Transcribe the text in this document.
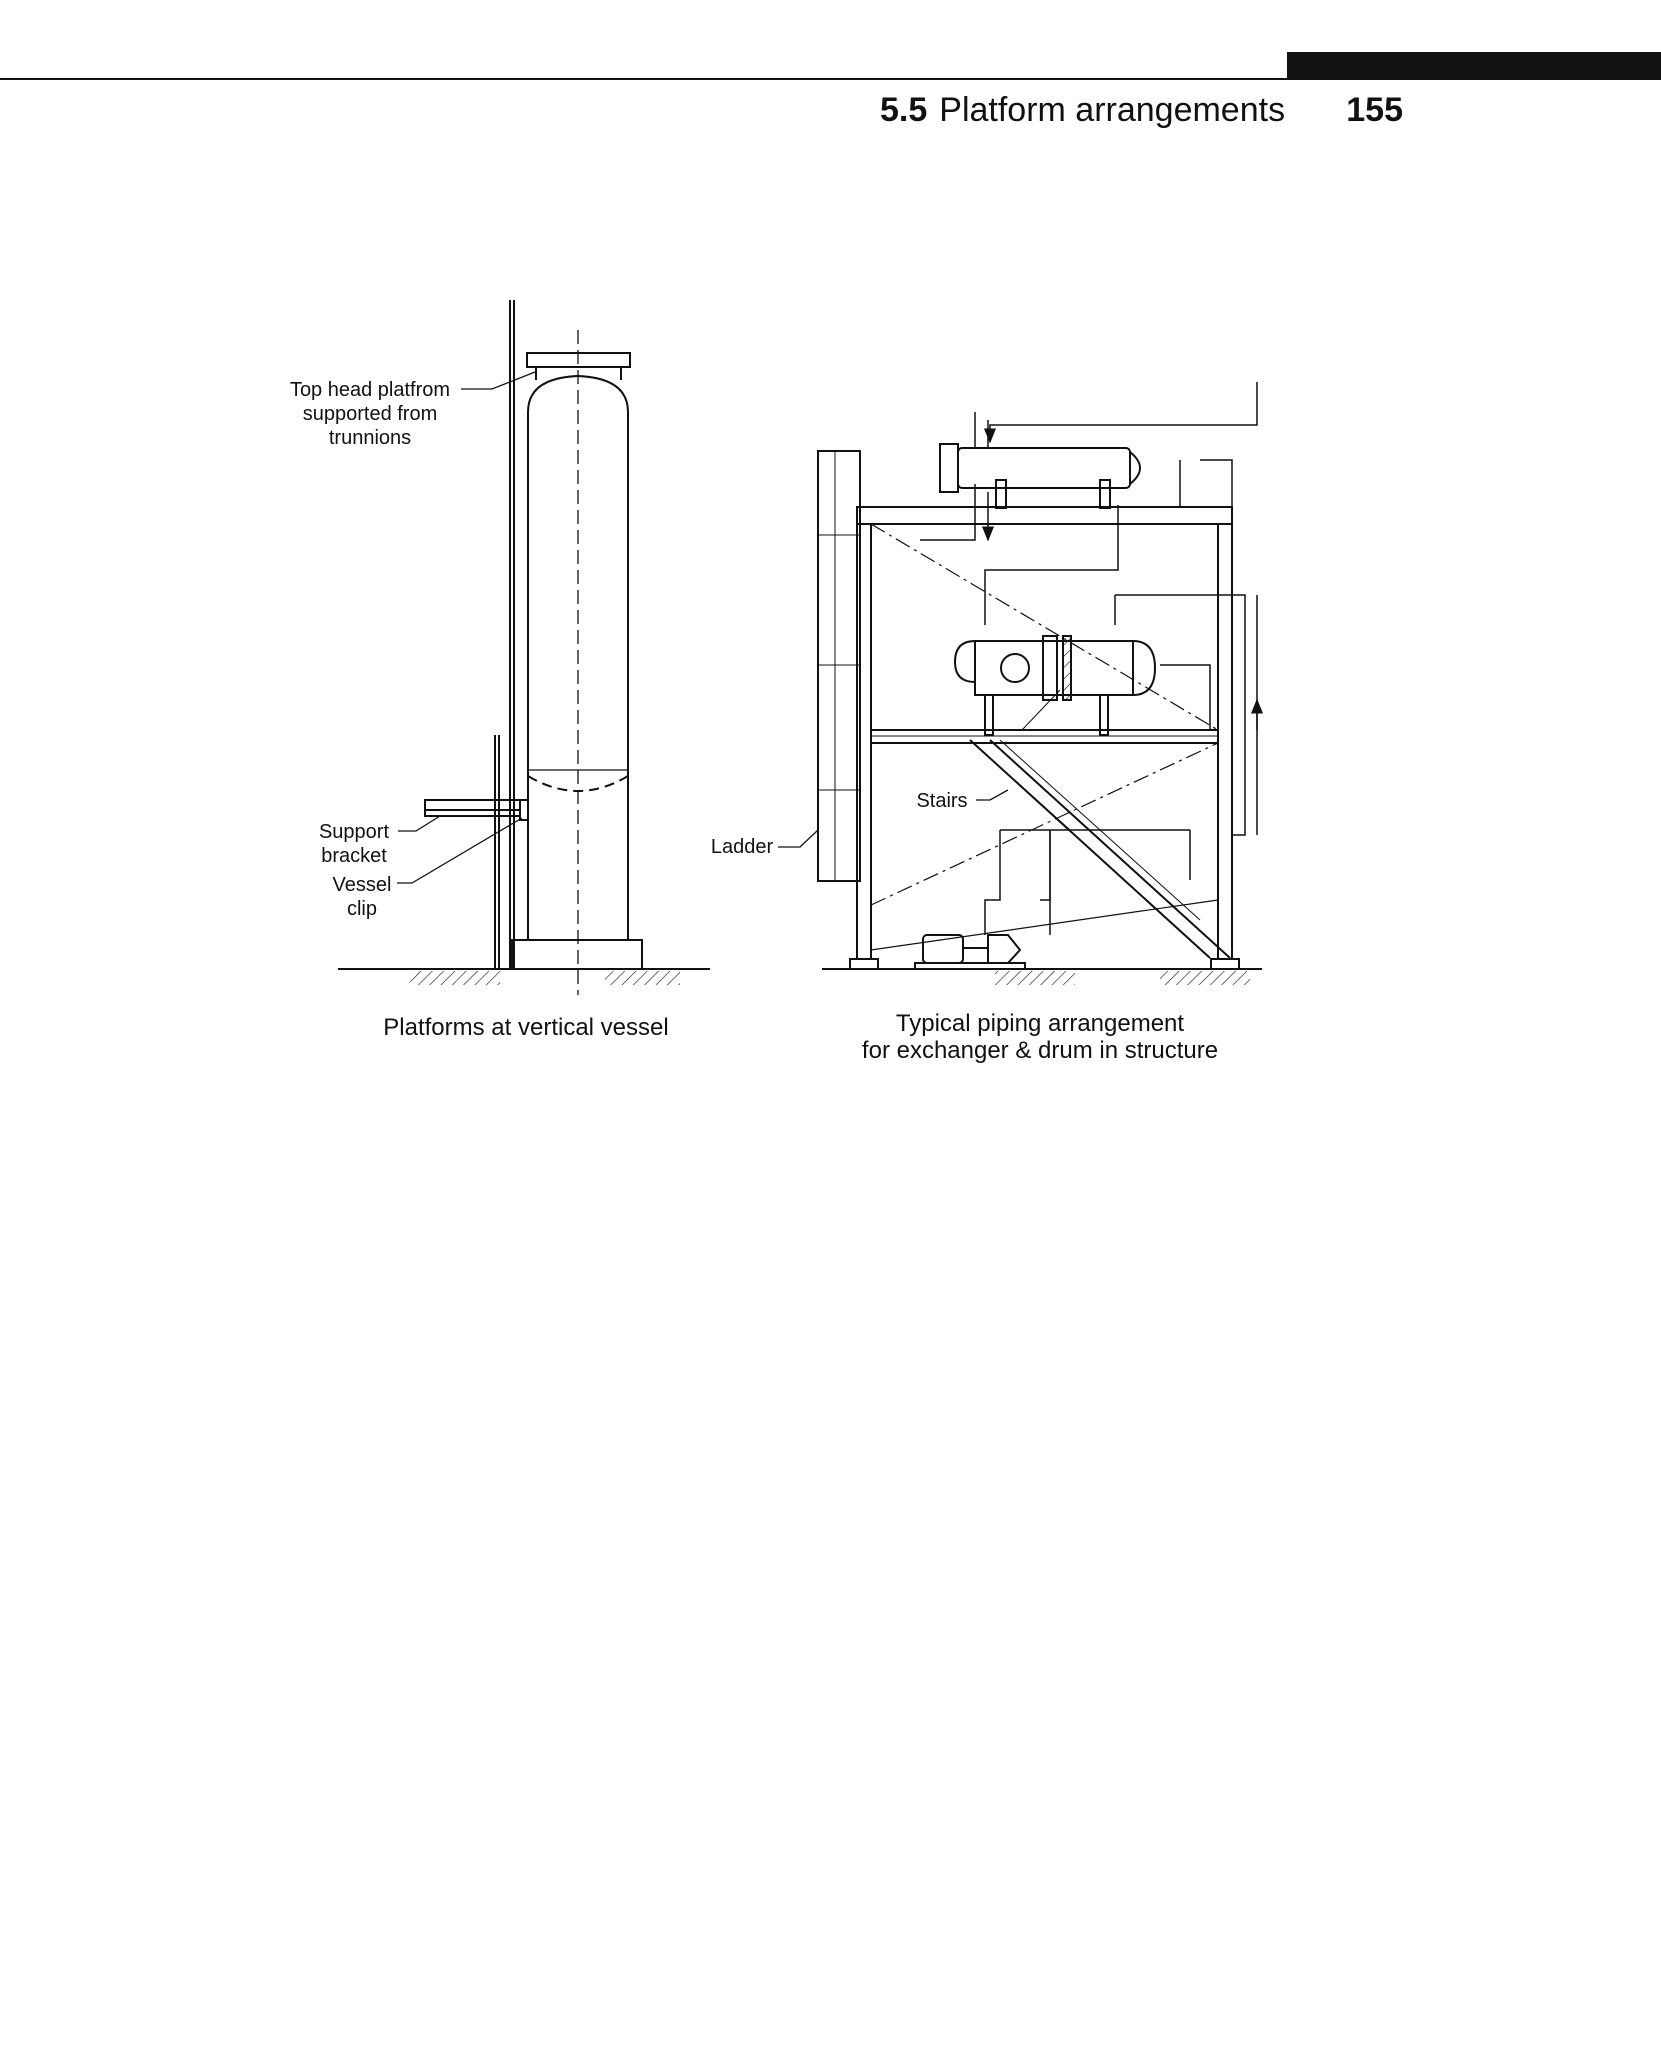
5.5 Platform arrangements 155
Top head platfrom
supported from
trunnions
Support
bracket
Vessel
clip
Platforms at vertical vessel
Stairs
Ladder
Typical piping arrangement
for exchanger & drum in structure
